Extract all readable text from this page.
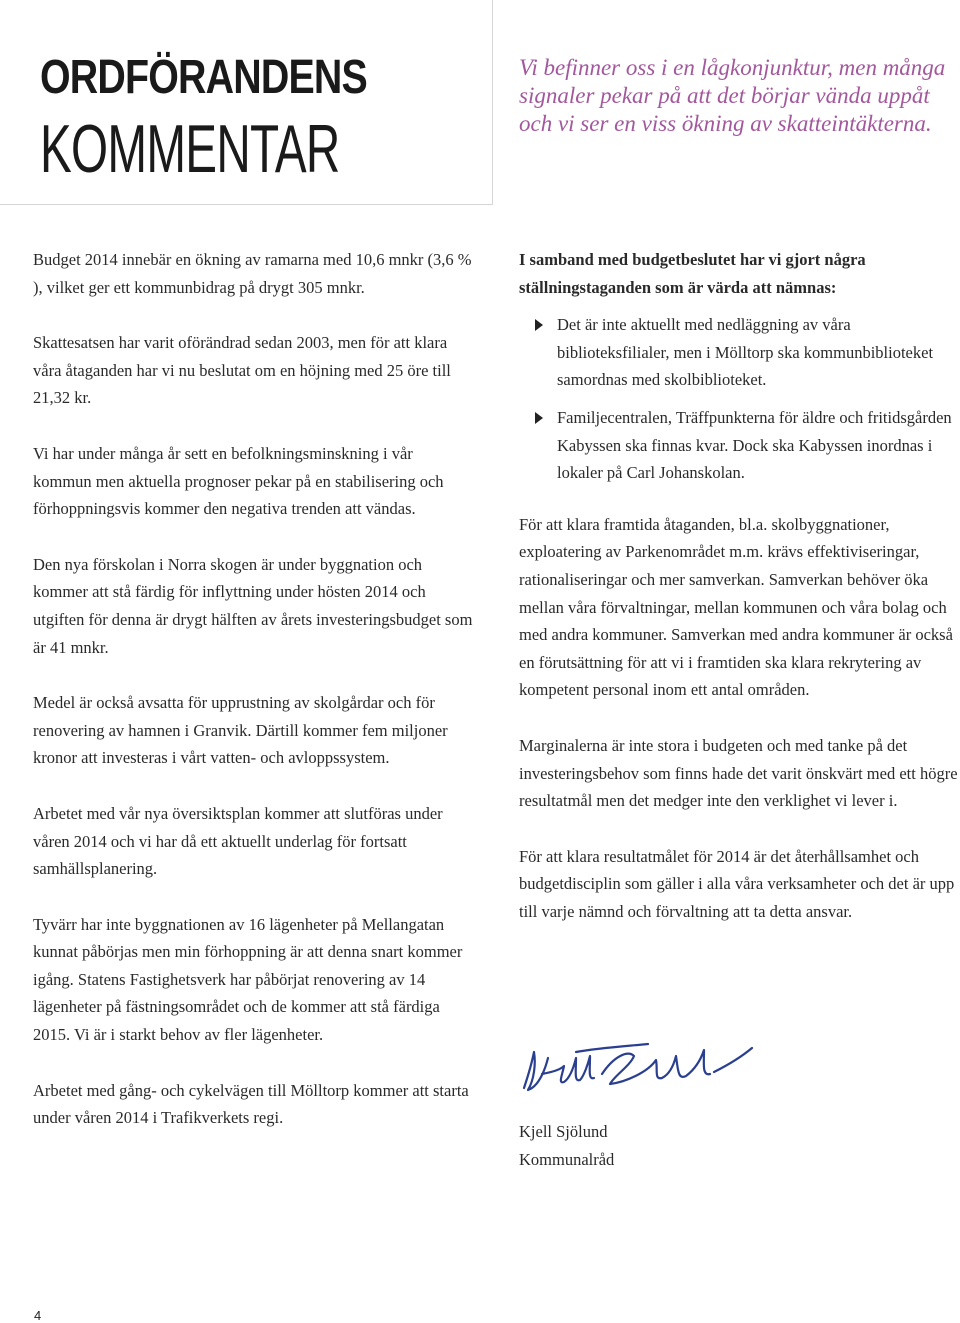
ORDFÖRANDENS
KOMMENTAR
Vi befinner oss i en lågkonjunktur, men många signaler pekar på att det börjar vända uppåt och vi ser en viss ökning av skatteintäkterna.

Budget 2014 innebär en ökning av ramarna med 10,6 mnkr (3,6 % ), vilket ger ett kommunbidrag på drygt 305 mnkr.

Skattesatsen har varit oförändrad sedan 2003, men för att klara våra åtaganden har vi nu beslutat om en höjning med 25 öre till 21,32 kr.

Vi har under många år sett en befolkningsminskning i vår kommun men aktuella prognoser pekar på en stabilisering och förhoppningsvis kommer den negativa trenden att vändas.

Den nya förskolan i Norra skogen är under byggnation och kommer att stå färdig för inflyttning under hösten 2014 och utgiften för denna är drygt hälften av årets investeringsbudget som är 41 mnkr.

Medel är också avsatta för upprustning av skolgårdar och för renovering av hamnen i Granvik. Därtill kommer fem miljoner kronor att investeras i vårt vatten- och avloppssystem.

Arbetet med vår nya översiktsplan kommer att slutföras under våren 2014 och vi har då ett aktuellt underlag för fortsatt samhällsplanering.

Tyvärr har inte byggnationen av 16 lägenheter på Mellangatan kunnat påbörjas men min förhoppning är att denna snart kommer igång. Statens Fastighetsverk har påbörjat renovering av 14 lägenheter på fästningsområdet och de kommer att stå färdiga 2015. Vi är i starkt behov av fler lägenheter.

Arbetet med gång- och cykelvägen till Mölltorp kommer att starta under våren 2014 i Trafikverkets regi.

I samband med budgetbeslutet har vi gjort några ställningstaganden som är värda att nämnas:

Det är inte aktuellt med nedläggning av våra biblioteksfilialer, men i Mölltorp ska kommunbiblioteket samordnas med skolbiblioteket.
Familjecentralen, Träffpunkterna för äldre och fritidsgården Kabyssen ska finnas kvar. Dock ska Kabyssen inordnas i lokaler på Carl Johanskolan.

För att klara framtida åtaganden, bl.a. skolbyggnationer, exploatering av Parkenområdet m.m. krävs effektiviseringar, rationaliseringar och mer samverkan. Samverkan behöver öka mellan våra förvaltningar, mellan kommunen och våra bolag och med andra kommuner. Samverkan med andra kommuner är också en förutsättning för att vi i framtiden ska klara rekrytering av kompetent personal inom ett antal områden.

Marginalerna är inte stora i budgeten och med tanke på det investeringsbehov som finns hade det varit önskvärt med ett högre resultatmål men det medger inte den verklighet vi lever i.

För att klara resultatmålet för 2014 är det återhållsamhet och budgetdisciplin som gäller i alla våra verksamheter och det är upp till varje nämnd och förvaltning att ta detta ansvar.

Kjell Sjölund
Kommunalråd
4
